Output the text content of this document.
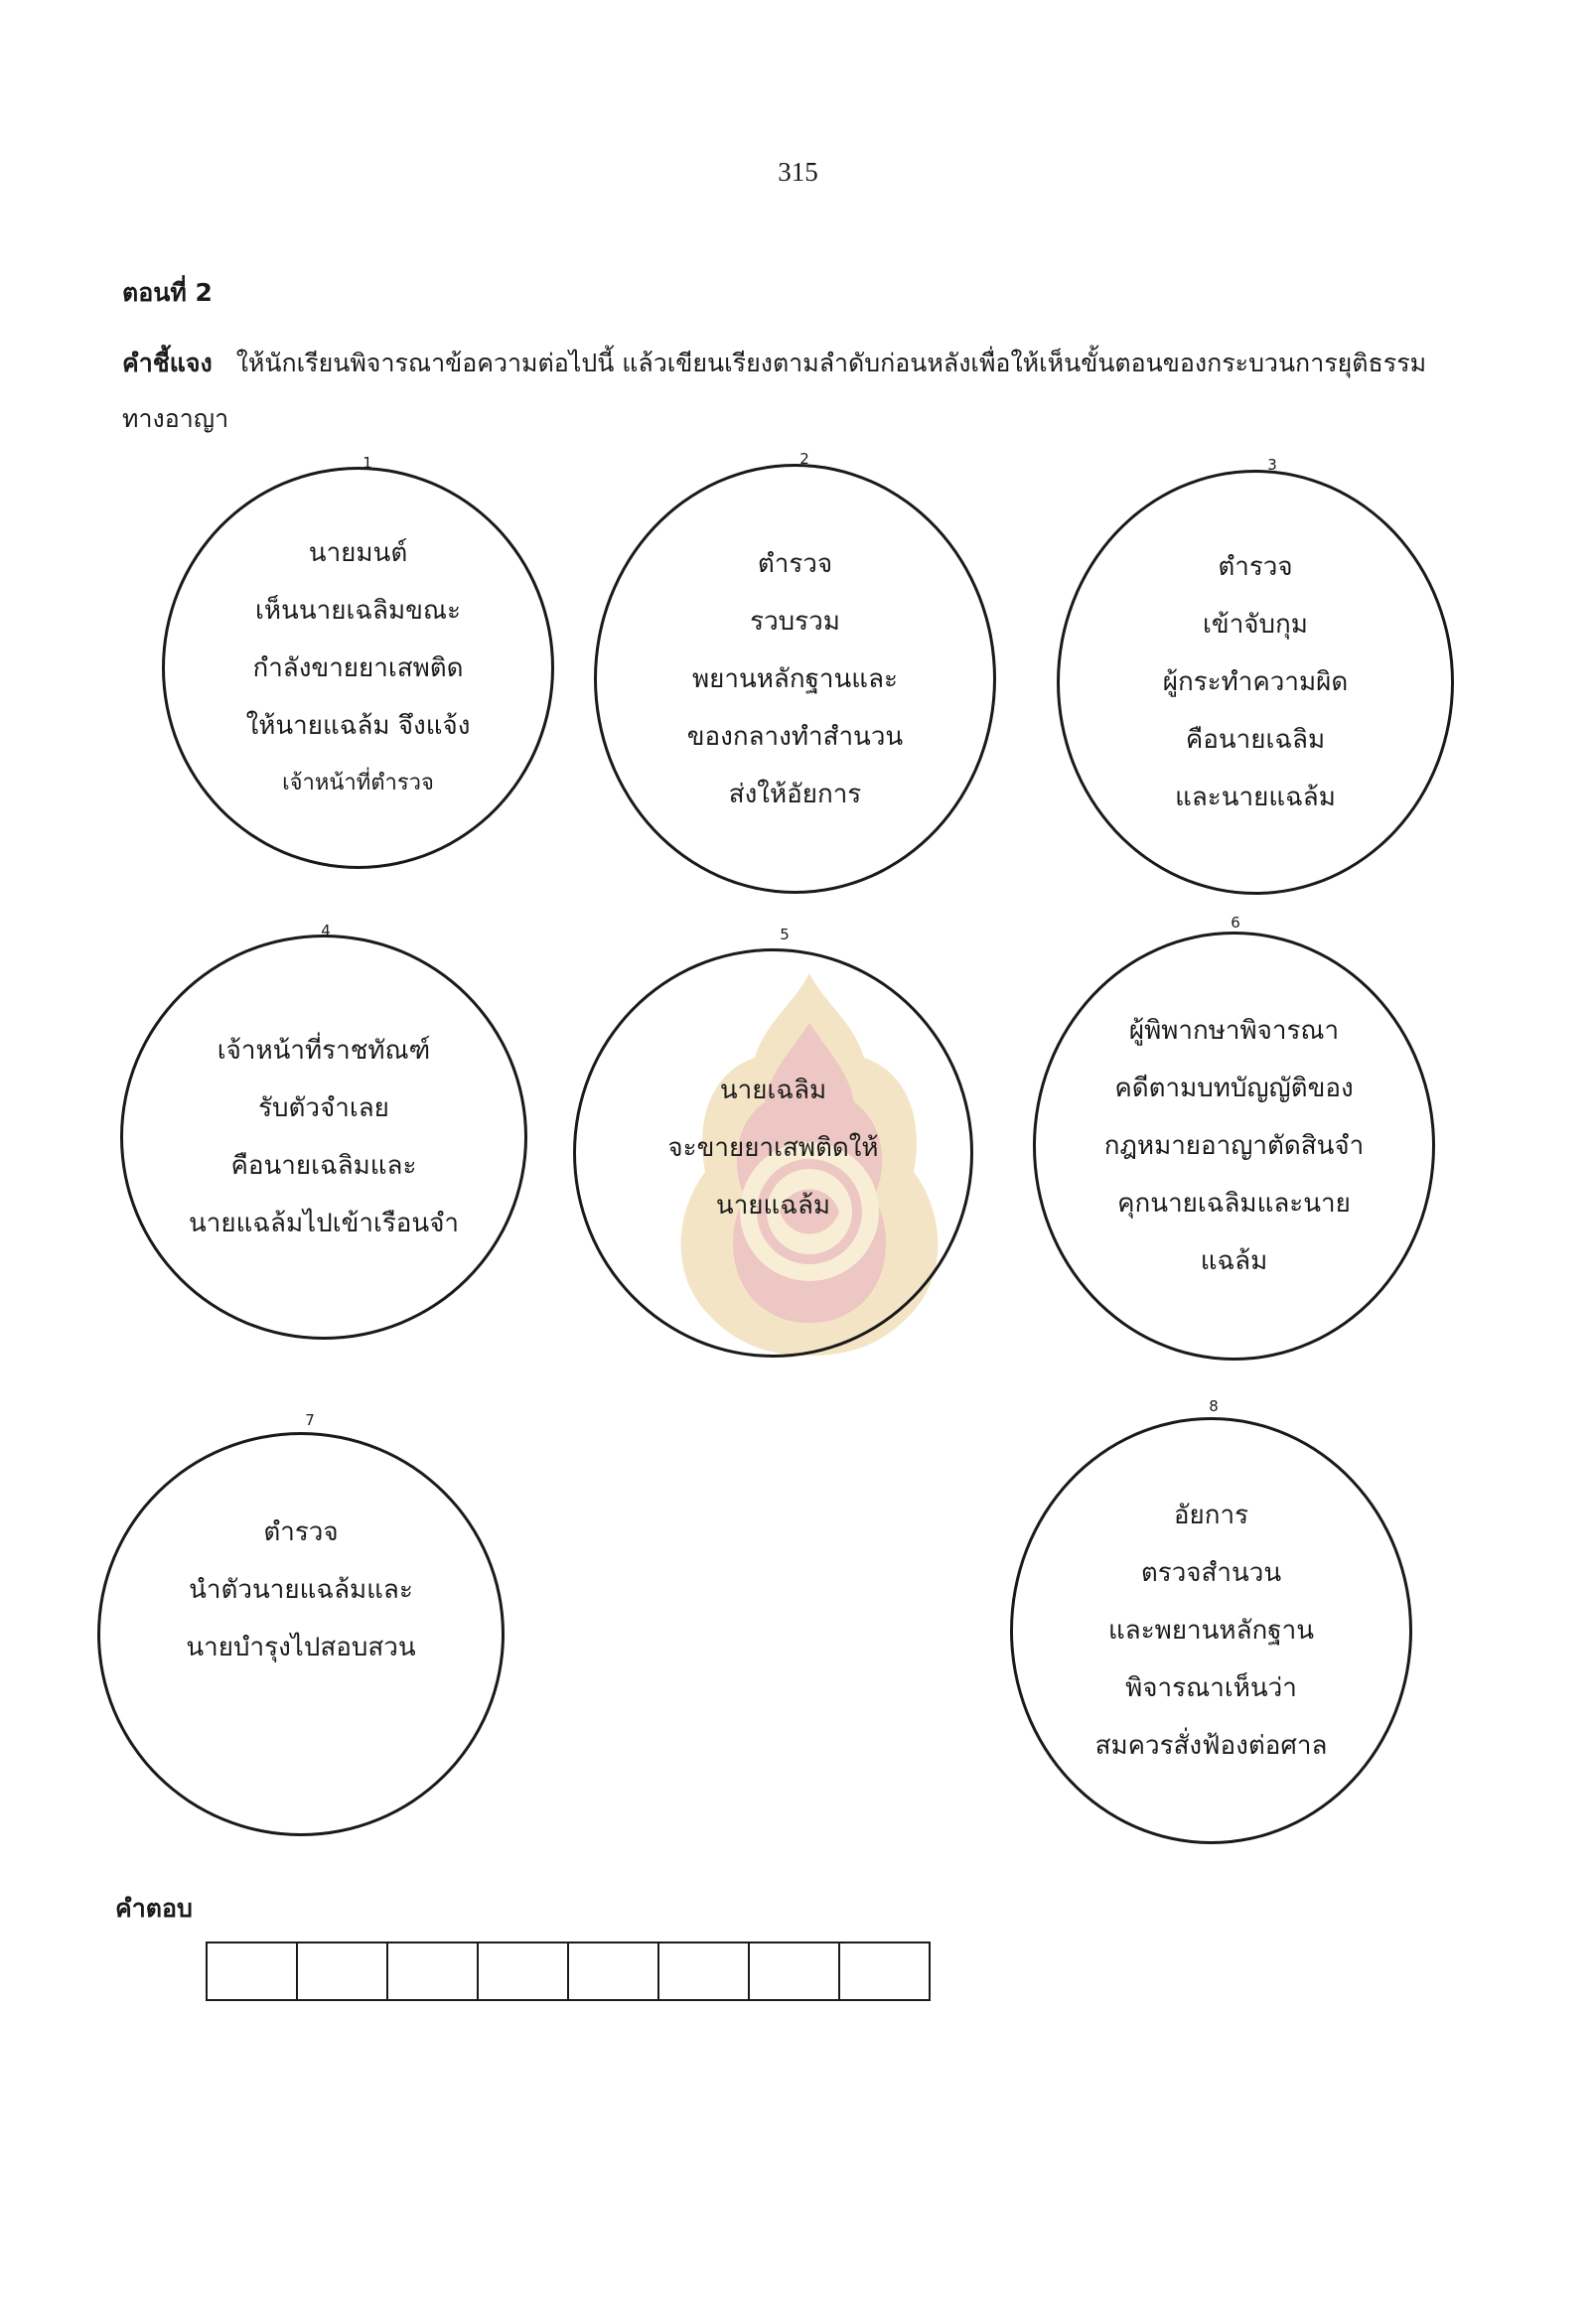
315
ตอนที่ 2
คำชี้แจง ให้นักเรียนพิจารณาข้อความต่อไปนี้ แล้วเขียนเรียงตามลำดับก่อนหลังเพื่อให้เห็นขั้นตอนของกระบวนการยุติธรรมทางอาญา
1
นายมนต์
เห็นนายเฉลิมขณะ
กำลังขายยาเสพติด
ให้นายแฉล้ม จึงแจ้ง
เจ้าหน้าที่ตำรวจ
2
ตำรวจ
รวบรวม
พยานหลักฐานและ
ของกลางทำสำนวน
ส่งให้อัยการ
3
ตำรวจ
เข้าจับกุม
ผู้กระทำความผิด
คือนายเฉลิม
และนายแฉล้ม
4
เจ้าหน้าที่ราชทัณฑ์
รับตัวจำเลย
คือนายเฉลิมและ
นายแฉล้มไปเข้าเรือนจำ
5
นายเฉลิม
จะขายยาเสพติดให้
นายแฉล้ม
6
ผู้พิพากษาพิจารณา
คดีตามบทบัญญัติของ
กฎหมายอาญาตัดสินจำ
คุกนายเฉลิมและนาย
แฉล้ม
7
ตำรวจ
นำตัวนายแฉล้มและ
นายบำรุงไปสอบสวน
8
อัยการ
ตรวจสำนวน
และพยานหลักฐาน
พิจารณาเห็นว่า
สมควรสั่งฟ้องต่อศาล
คำตอบ
